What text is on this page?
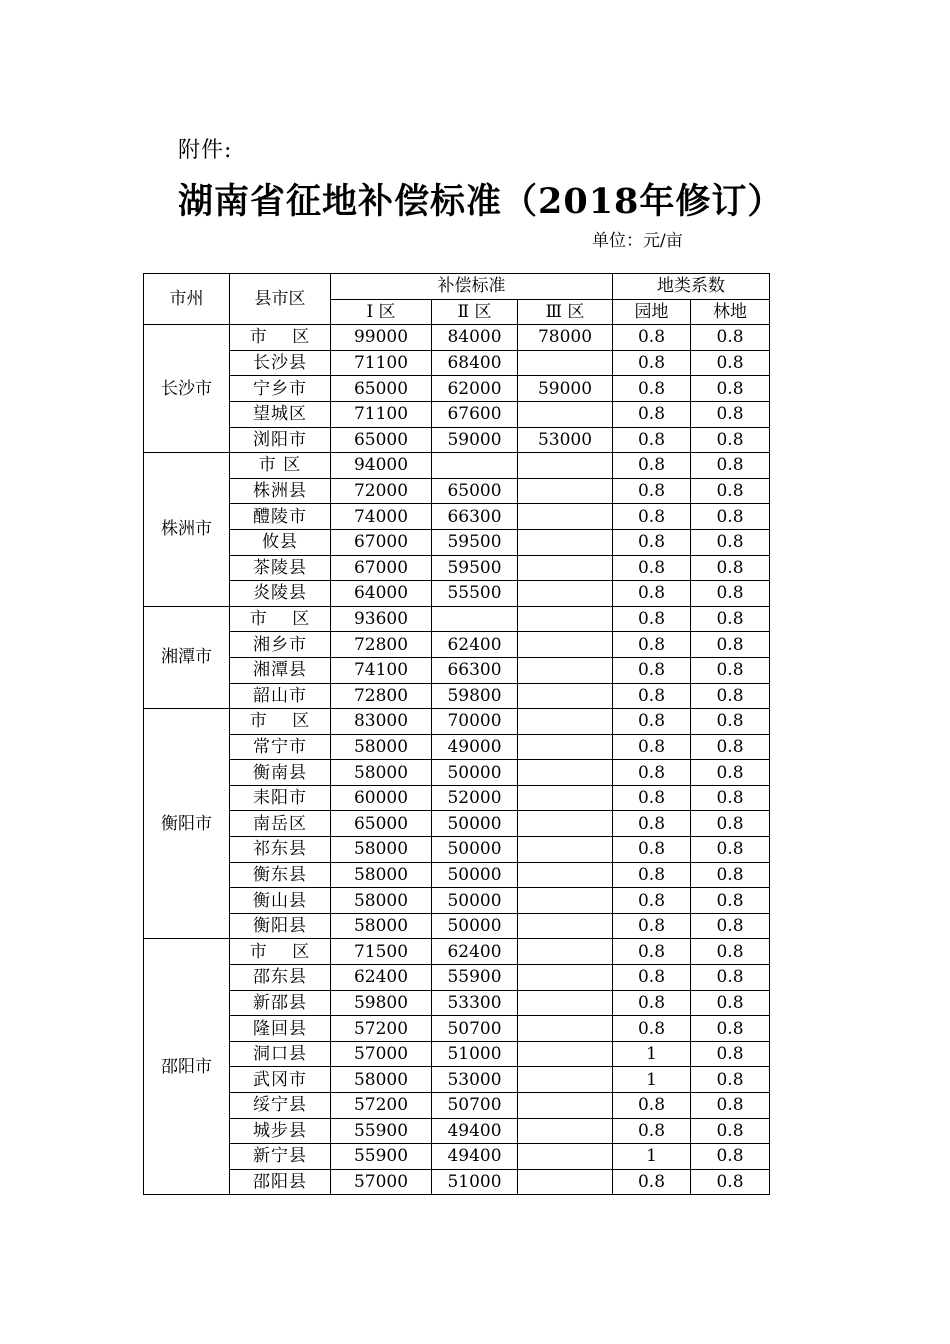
附件:
湖南省征地补偿标准（2018年修订）
单位：元/亩
市州	县市区	补偿标准			地类系数	
		Ⅰ 区	Ⅱ 区	Ⅲ 区	园地	林地
长沙市	市　 区	99000	84000	78000	0.8	0.8
	长沙县	71100	68400		0.8	0.8
	宁乡市	65000	62000	59000	0.8	0.8
	望城区	71100	67600		0.8	0.8
	浏阳市	65000	59000	53000	0.8	0.8
株洲市	市 区	94000			0.8	0.8
	株洲县	72000	65000		0.8	0.8
	醴陵市	74000	66300		0.8	0.8
	攸县	67000	59500		0.8	0.8
	茶陵县	67000	59500		0.8	0.8
	炎陵县	64000	55500		0.8	0.8
湘潭市	市　 区	93600			0.8	0.8
	湘乡市	72800	62400		0.8	0.8
	湘潭县	74100	66300		0.8	0.8
	韶山市	72800	59800		0.8	0.8
衡阳市	市　 区	83000	70000		0.8	0.8
	常宁市	58000	49000		0.8	0.8
	衡南县	58000	50000		0.8	0.8
	耒阳市	60000	52000		0.8	0.8
	南岳区	65000	50000		0.8	0.8
	祁东县	58000	50000		0.8	0.8
	衡东县	58000	50000		0.8	0.8
	衡山县	58000	50000		0.8	0.8
	衡阳县	58000	50000		0.8	0.8
邵阳市	市　 区	71500	62400		0.8	0.8
	邵东县	62400	55900		0.8	0.8
	新邵县	59800	53300		0.8	0.8
	隆回县	57200	50700		0.8	0.8
	洞口县	57000	51000		1	0.8
	武冈市	58000	53000		1	0.8
	绥宁县	57200	50700		0.8	0.8
	城步县	55900	49400		0.8	0.8
	新宁县	55900	49400		1	0.8
	邵阳县	57000	51000		0.8	0.8
